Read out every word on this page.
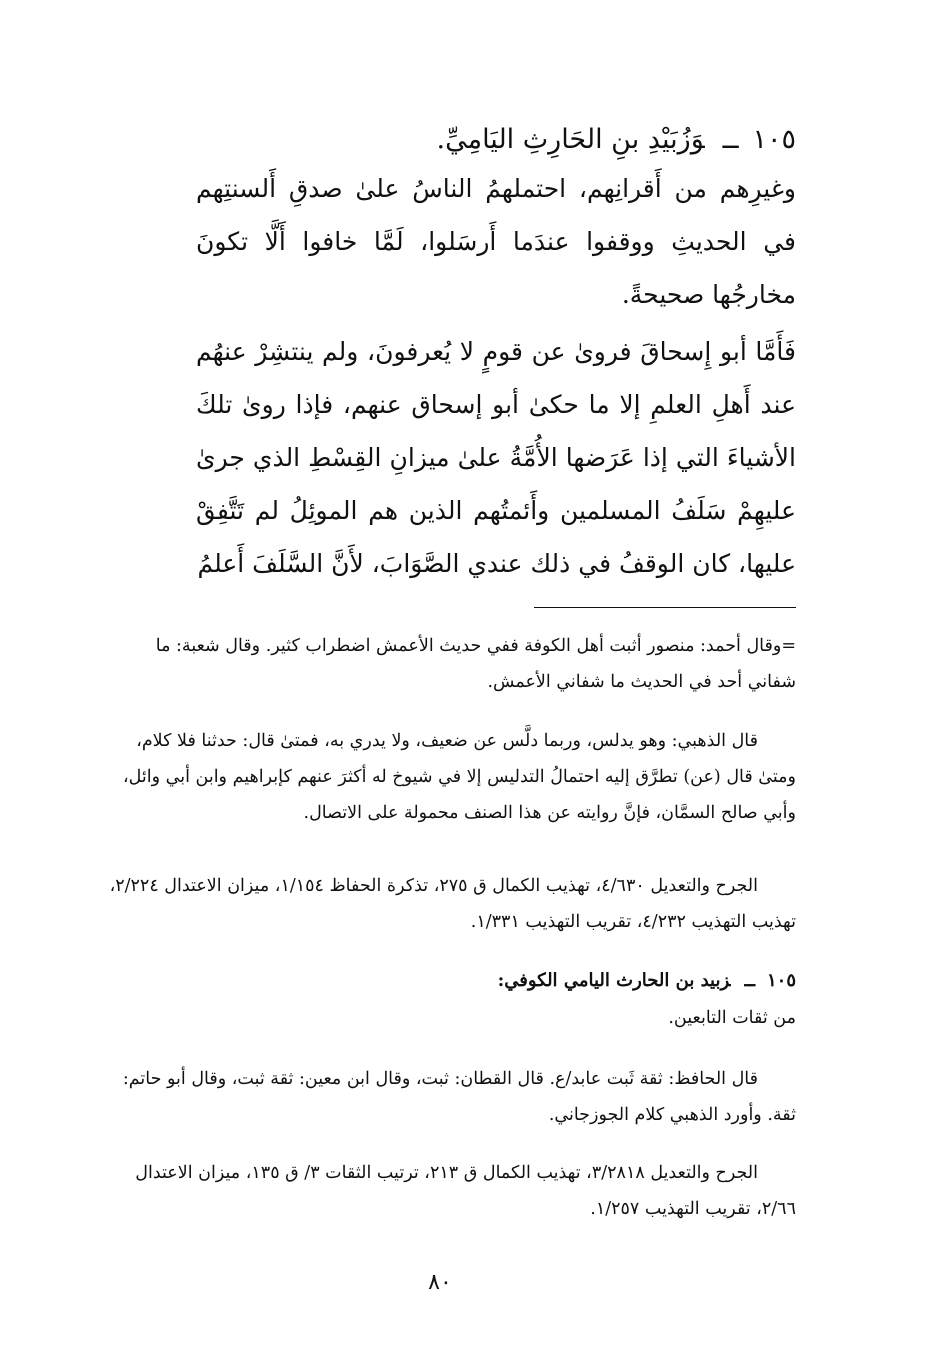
١٠٥ــوَزُبَيْدِ بنِ الحَارِثِ اليَامِيِّ.
وغيرِهم من أَقرانِهم، احتملهمُ الناسُ علىٰ صدقِ أَلسنتِهم في الحديثِ ووقفوا عندَما أَرسَلوا، لَمَّا خافوا أَلَّا تكونَ مخارجُها صحيحةً.
فَأَمَّا أبو إِسحاقَ فروىٰ عن قومٍ لا يُعرفونَ، ولم ينتشِرْ عنهُم عند أَهلِ العلمِ إلا ما حكىٰ أبو إسحاق عنهم، فإذا روىٰ تلكَ الأشياءَ التي إذا عَرَضها الأُمَّةُ علىٰ ميزانِ القِسْطِ الذي جرىٰ عليهِمْ سَلَفُ المسلمين وأَئمتُهم الذين هم الموئِلُ لم تَتَّفِقْ عليها، كان الوقفُ في ذلك عندي الصَّوَابَ، لأَنَّ السَّلَفَ أَعلمُ
=وقال أحمد: منصور أثبت أهل الكوفة ففي حديث الأعمش اضطراب كثير. وقال شعبة: ما شفاني أحد في الحديث ما شفاني الأعمش.

قال الذهبي: وهو يدلس، وربما دلَّس عن ضعيف، ولا يدري به، فمتىٰ قال: حدثنا فلا كلام، ومتىٰ قال (عن) تطرَّق إليه احتمالُ التدليس إلا في شيوخ له أكثرَ عنهم كإبراهيم وابن أبي وائل، وأبي صالح السمَّان، فإنَّ روايته عن هذا الصنف محمولة على الاتصال.

الجرح والتعديل ٤/٦٣٠، تهذيب الكمال ق ٢٧٥، تذكرة الحفاظ ١/١٥٤، ميزان الاعتدال ٢/٢٢٤، تهذيب التهذيب ٤/٢٣٢، تقريب التهذيب ١/٣٣١.
١٠٥ــزبيد بن الحارث اليامي الكوفي:
من ثقات التابعين.
قال الحافظ: ثقة ثَبت عابد/ع. قال القطان: ثبت، وقال ابن معين: ثقة ثبت، وقال أبو حاتم: ثقة. وأورد الذهبي كلام الجوزجاني.
الجرح والتعديل ٣/٢٨١٨، تهذيب الكمال ق ٢١٣، ترتيب الثقات ٣/ ق ١٣٥، ميزان الاعتدال ٢/٦٦، تقريب التهذيب ١/٢٥٧.
٨٠
